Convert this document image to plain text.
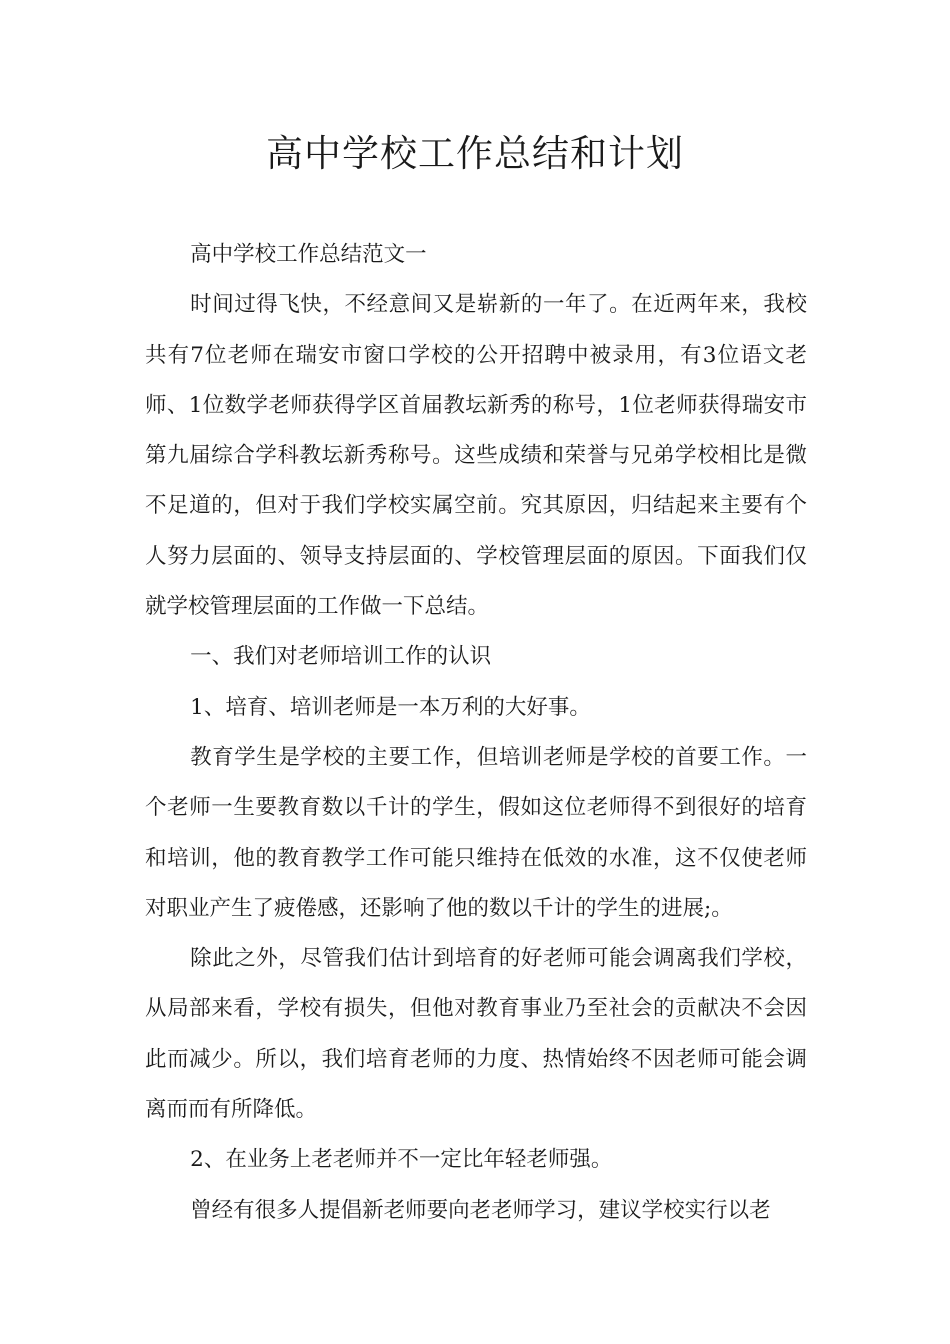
高中学校工作总结和计划

高中学校工作总结范文一

时间过得飞快，不经意间又是崭新的一年了。在近两年来，我校共有7位老师在瑞安市窗口学校的公开招聘中被录用，有3位语文老师、1位数学老师获得学区首届教坛新秀的称号，1位老师获得瑞安市第九届综合学科教坛新秀称号。这些成绩和荣誉与兄弟学校相比是微不足道的，但对于我们学校实属空前。究其原因，归结起来主要有个人努力层面的、领导支持层面的、学校管理层面的原因。下面我们仅就学校管理层面的工作做一下总结。

一、我们对老师培训工作的认识

1、培育、培训老师是一本万利的大好事。

教育学生是学校的主要工作，但培训老师是学校的首要工作。一个老师一生要教育数以千计的学生，假如这位老师得不到很好的培育和培训，他的教育教学工作可能只维持在低效的水准，这不仅使老师对职业产生了疲倦感，还影响了他的数以千计的学生的进展;。

除此之外，尽管我们估计到培育的好老师可能会调离我们学校，从局部来看，学校有损失，但他对教育事业乃至社会的贡献决不会因此而减少。所以，我们培育老师的力度、热情始终不因老师可能会调离而而有所降低。

2、在业务上老老师并不一定比年轻老师强。

曾经有很多人提倡新老师要向老老师学习，建议学校实行以老
